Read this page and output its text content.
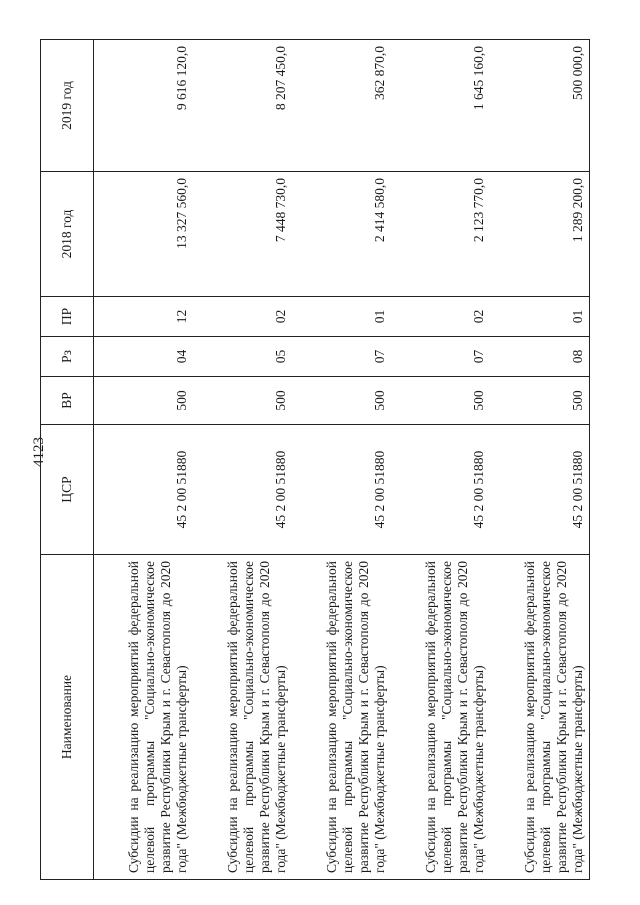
4123
Наименование	ЦСР	ВР	Рз	ПР	2018 год	2019 год
Субсидии на реализацию мероприятий федеральной целевой программы "Социально-экономическое развитие Республики Крым и г. Севастополя до 2020 года" (Межбюджетные трансферты)	45 2 00 51880	500	04	12	13 327 560,0	9 616 120,0
Субсидии на реализацию мероприятий федеральной целевой программы "Социально-экономическое развитие Республики Крым и г. Севастополя до 2020 года" (Межбюджетные трансферты)	45 2 00 51880	500	05	02	7 448 730,0	8 207 450,0
Субсидии на реализацию мероприятий федеральной целевой программы "Социально-экономическое развитие Республики Крым и г. Севастополя до 2020 года" (Межбюджетные трансферты)	45 2 00 51880	500	07	01	2 414 580,0	362 870,0
Субсидии на реализацию мероприятий федеральной целевой программы "Социально-экономическое развитие Республики Крым и г. Севастополя до 2020 года" (Межбюджетные трансферты)	45 2 00 51880	500	07	02	2 123 770,0	1 645 160,0
Субсидии на реализацию мероприятий федеральной целевой программы "Социально-экономическое развитие Республики Крым и г. Севастополя до 2020 года" (Межбюджетные трансферты)	45 2 00 51880	500	08	01	1 289 200,0	500 000,0
